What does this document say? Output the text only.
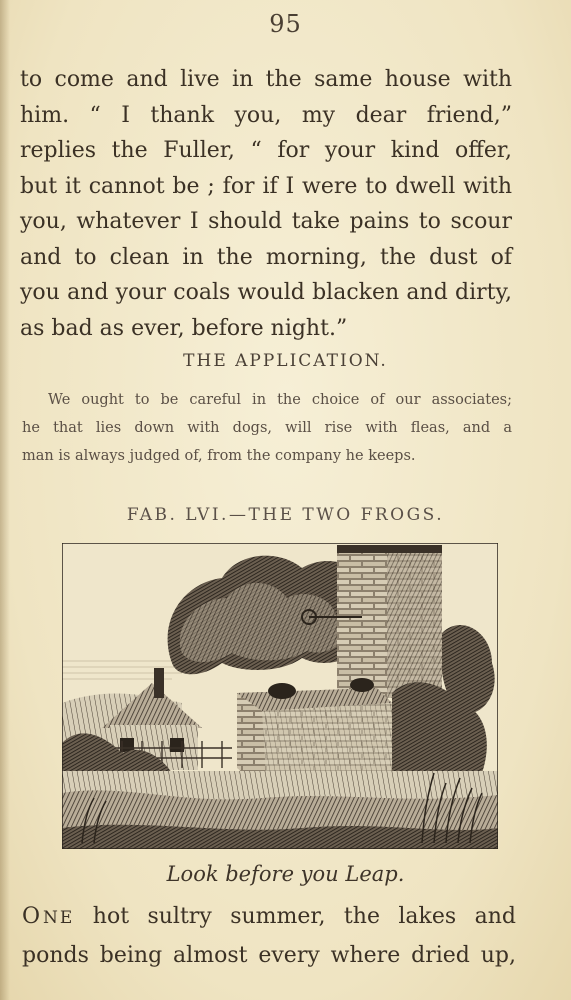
95
to come and live in the same house with
him. “ I thank you, my dear friend,”
replies the Fuller, “ for your kind offer,
but it cannot be ; for if I were to dwell with
you, whatever I should take pains to scour
and to clean in the morning, the dust of
you and your coals would blacken and dirty,
as bad as ever, before night.”
THE APPLICATION.
We ought to be careful in the choice of our associates;
he that lies down with dogs, will rise with fleas, and a
man is always judged of, from the company he keeps.
FAB. LVI.—THE TWO FROGS.
Look before you Leap.
ONE hot sultry summer, the lakes and
ponds being almost every where dried up,
